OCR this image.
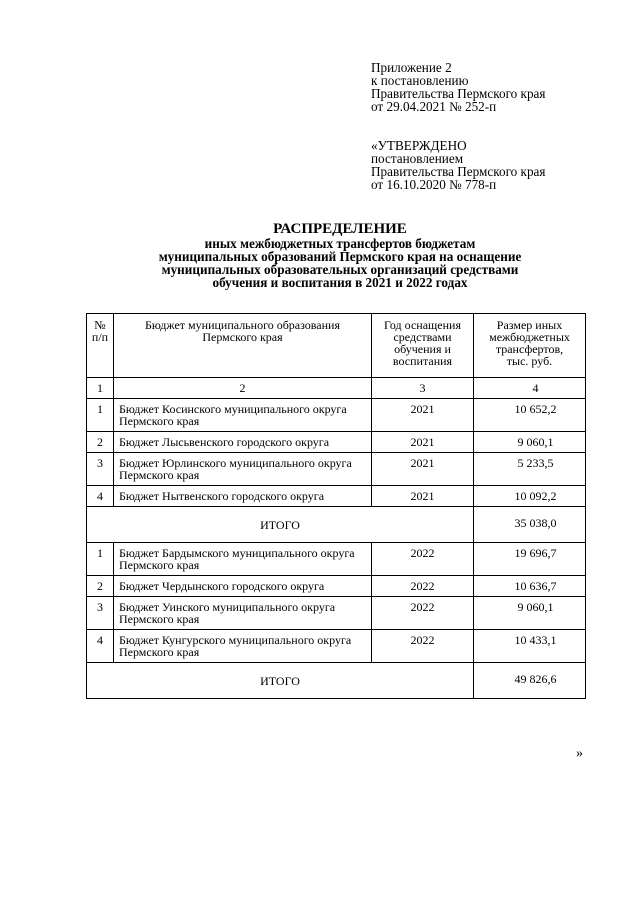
Приложение 2
к постановлению
Правительства Пермского края
от 29.04.2021 № 252-п
«УТВЕРЖДЕНО
постановлением
Правительства Пермского края
от 16.10.2020 № 778-п
РАСПРЕДЕЛЕНИЕ
иных межбюджетных трансфертов бюджетам
муниципальных образований Пермского края на оснащение
муниципальных образовательных организаций средствами
обучения и воспитания в 2021 и 2022 годах
№ п/п	Бюджет муниципального образования Пермского края	Год оснащения средствами обучения и воспитания	Размер иных межбюджетных трансфертов, тыс. руб.
1	2	3	4
1	Бюджет Косинского муниципального округа Пермского края	2021	10 652,2
2	Бюджет Лысьвенского городского округа	2021	9 060,1
3	Бюджет Юрлинского муниципального округа Пермского края	2021	5 233,5
4	Бюджет Нытвенского городского округа	2021	10 092,2
ИТОГО			35 038,0
1	Бюджет Бардымского муниципального округа Пермского края	2022	19 696,7
2	Бюджет Чердынского городского округа	2022	10 636,7
3	Бюджет Уинского муниципального округа Пермского края	2022	9 060,1
4	Бюджет Кунгурского муниципального округа Пермского края	2022	10 433,1
ИТОГО			49 826,6
»
